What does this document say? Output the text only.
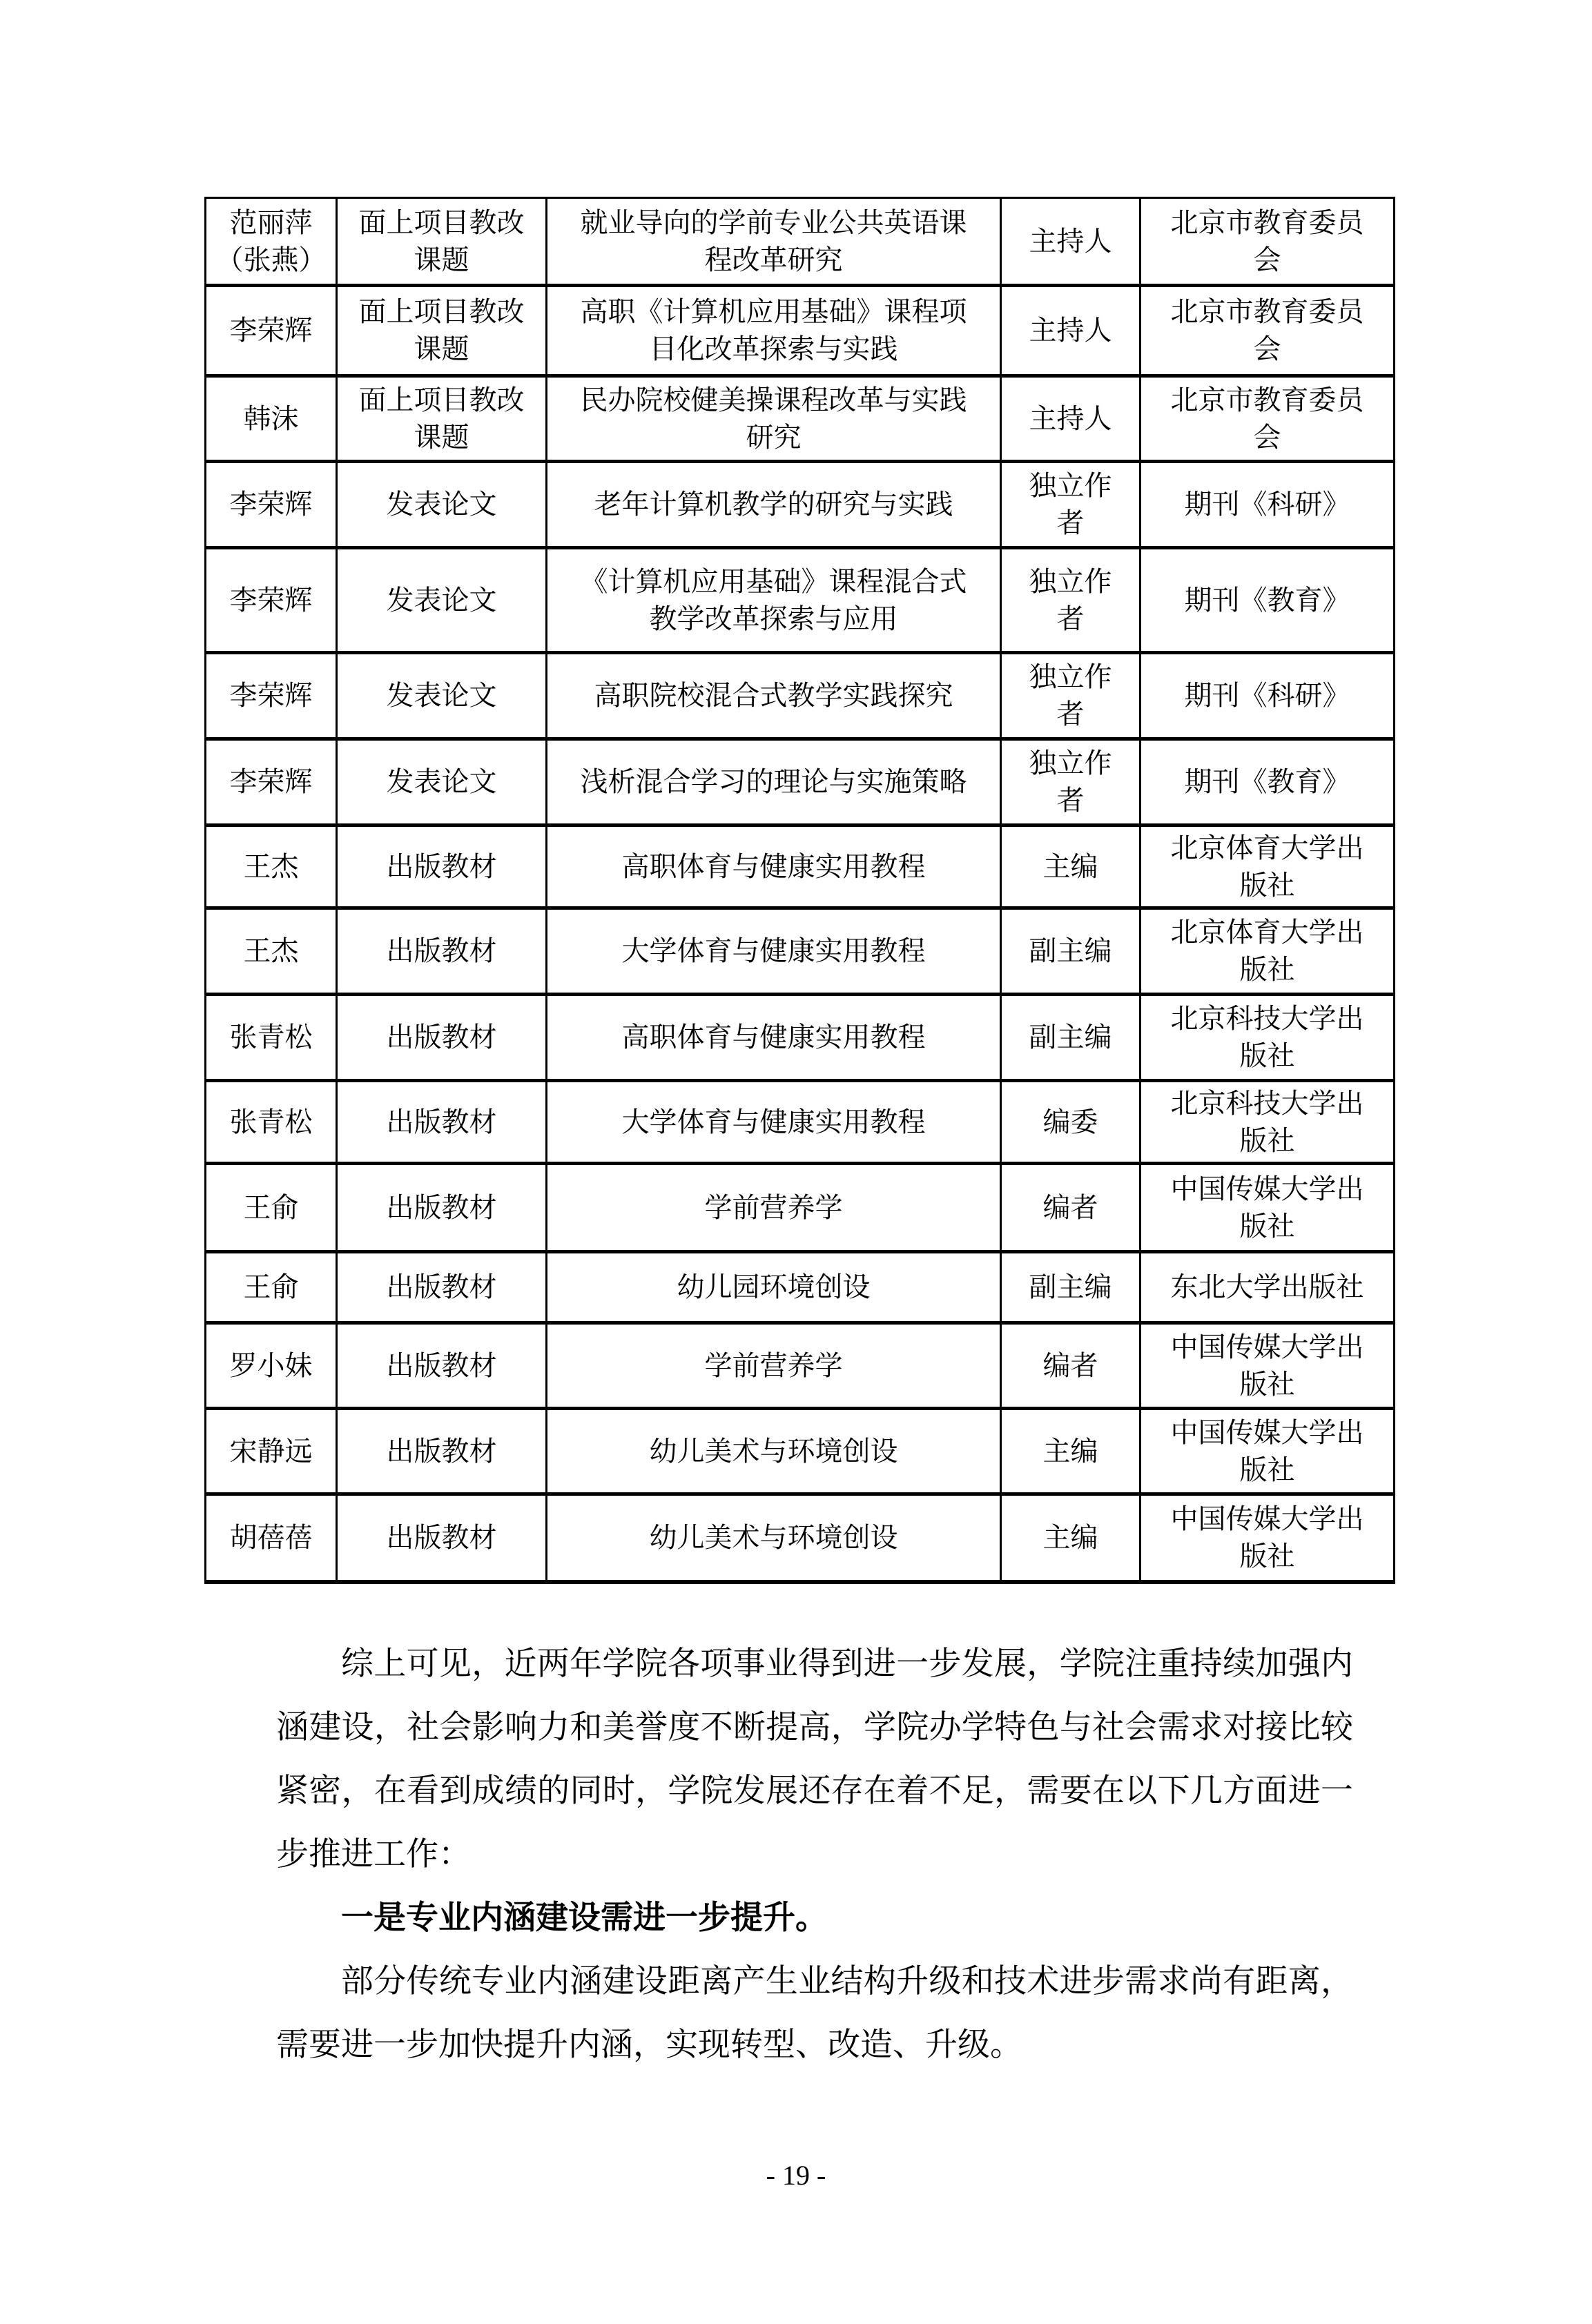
范丽萍（张燕）	面上项目教改课题	就业导向的学前专业公共英语课程改革研究	主持人	北京市教育委员会
李荣辉	面上项目教改课题	高职《计算机应用基础》课程项目化改革探索与实践	主持人	北京市教育委员会
韩沫	面上项目教改课题	民办院校健美操课程改革与实践研究	主持人	北京市教育委员会
李荣辉	发表论文	老年计算机教学的研究与实践	独立作者	期刊《科研》
李荣辉	发表论文	《计算机应用基础》课程混合式教学改革探索与应用	独立作者	期刊《教育》
李荣辉	发表论文	高职院校混合式教学实践探究	独立作者	期刊《科研》
李荣辉	发表论文	浅析混合学习的理论与实施策略	独立作者	期刊《教育》
王杰	出版教材	高职体育与健康实用教程	主编	北京体育大学出版社
王杰	出版教材	大学体育与健康实用教程	副主编	北京体育大学出版社
张青松	出版教材	高职体育与健康实用教程	副主编	北京科技大学出版社
张青松	出版教材	大学体育与健康实用教程	编委	北京科技大学出版社
王俞	出版教材	学前营养学	编者	中国传媒大学出版社
王俞	出版教材	幼儿园环境创设	副主编	东北大学出版社
罗小妹	出版教材	学前营养学	编者	中国传媒大学出版社
宋静远	出版教材	幼儿美术与环境创设	主编	中国传媒大学出版社
胡蓓蓓	出版教材	幼儿美术与环境创设	主编	中国传媒大学出版社

综上可见，近两年学院各项事业得到进一步发展，学院注重持续加强内涵建设，社会影响力和美誉度不断提高，学院办学特色与社会需求对接比较紧密，在看到成绩的同时，学院发展还存在着不足，需要在以下几方面进一步推进工作：

一是专业内涵建设需进一步提升。

部分传统专业内涵建设距离产生业结构升级和技术进步需求尚有距离，需要进一步加快提升内涵，实现转型、改造、升级。

- 19 -
